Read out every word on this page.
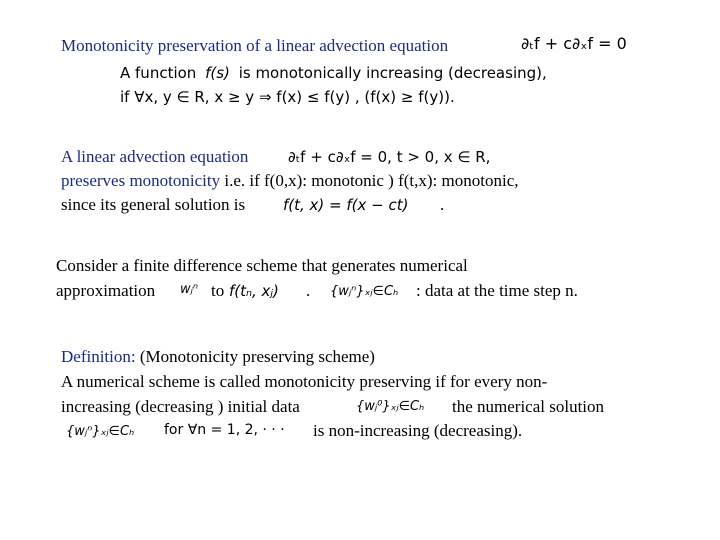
Monotonicity preservation of a linear advection equation	∂ₜf + c∂ₓf = 0
A function f(s) is monotonically increasing (decreasing),
if ∀x, y ∈ R, x ≥ y ⇒ f(x) ≤ f(y) , (f(x) ≥ f(y)).
A linear advection equation	∂ₜf + c∂ₓf = 0, t > 0, x ∈ R,
preserves monotonicity i.e. if f(0,x): monotonic ) f(t,x): monotonic,
since its general solution is	f(t, x) = f(x − ct) .
Consider a finite difference scheme that generates numerical
approximation wⱼⁿ to f(tₙ, xⱼ) . {wⱼⁿ}ₓⱼ∈Cₕ : data at the time step n.
Definition: (Monotonicity preserving scheme)
A numerical scheme is called monotonicity preserving if for every non-
increasing (decreasing ) initial data	{wⱼ⁰}ₓⱼ∈Cₕ the numerical solution
{wⱼⁿ}ₓⱼ∈Cₕ for ∀n = 1, 2, · · · is non-increasing (decreasing).
